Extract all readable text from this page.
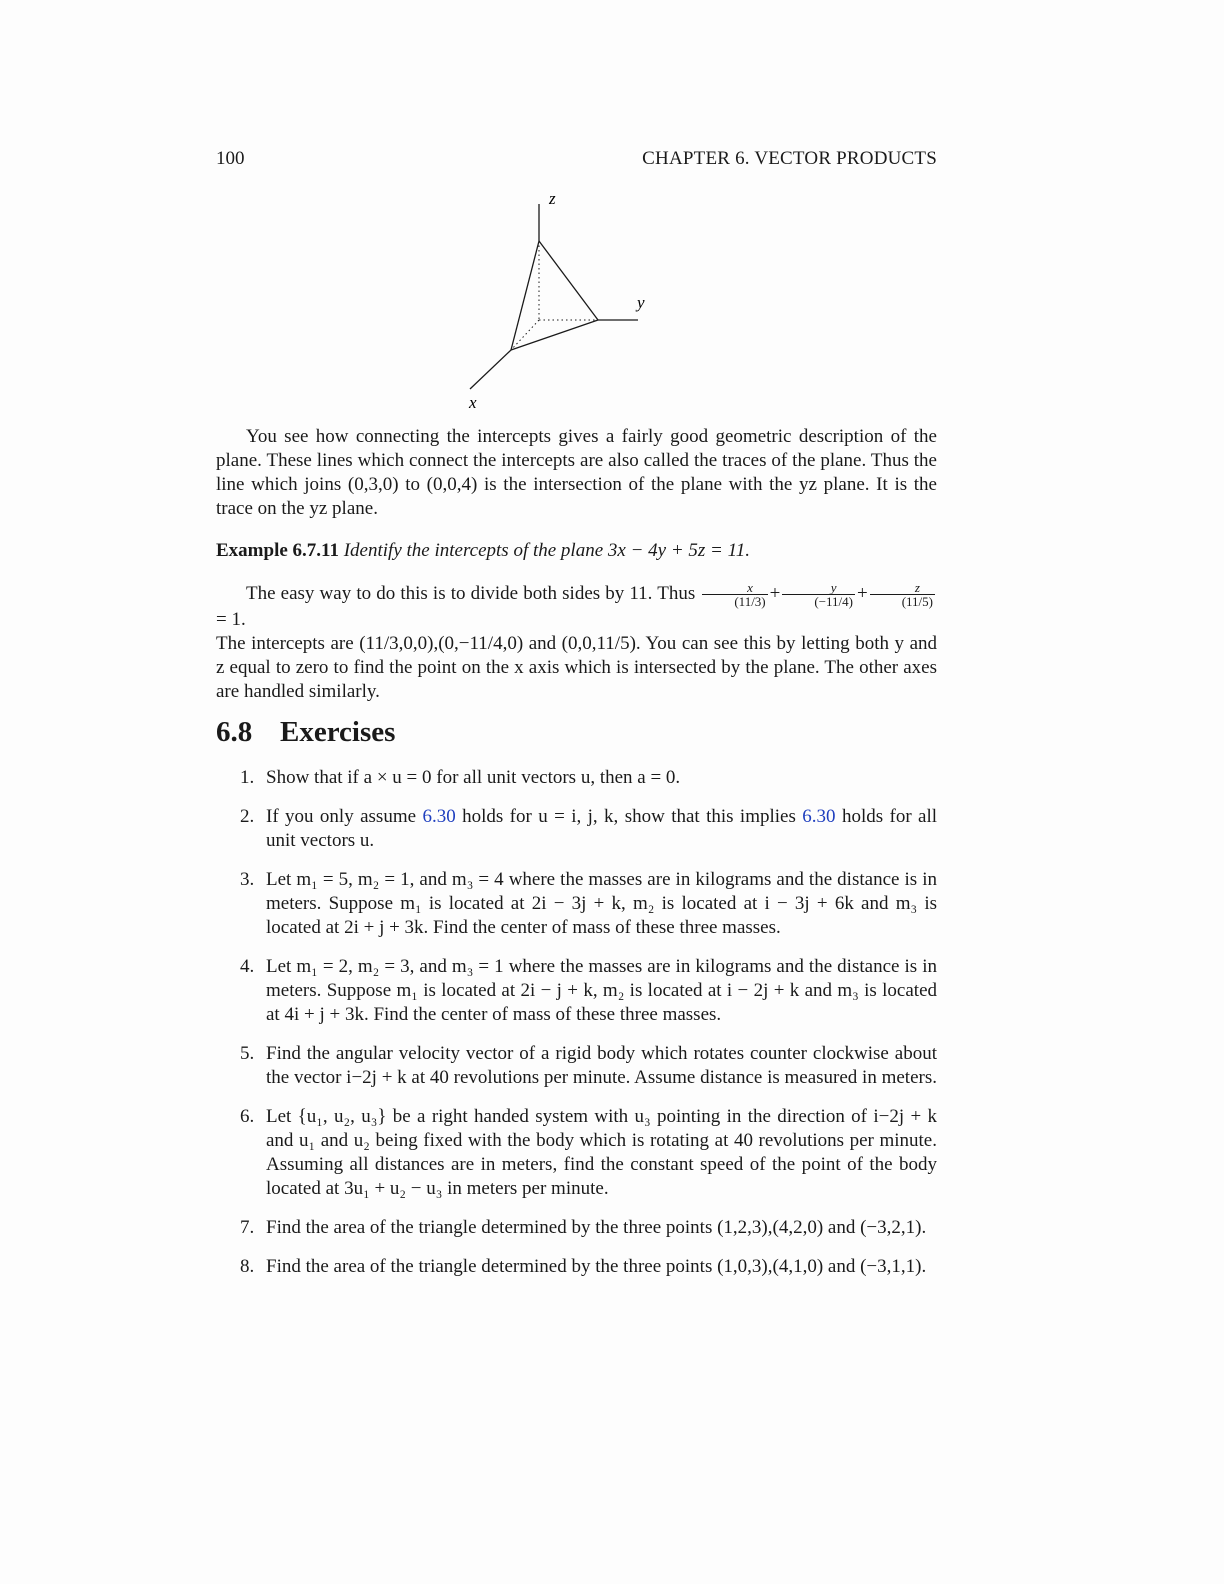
100	CHAPTER 6. VECTOR PRODUCTS
z
y
x
You see how connecting the intercepts gives a fairly good geometric description of the plane. These lines which connect the intercepts are also called the traces of the plane. Thus the line which joins (0,3,0) to (0,0,4) is the intersection of the plane with the yz plane. It is the trace on the yz plane.
Example 6.7.11 Identify the intercepts of the plane 3x − 4y + 5z = 11.
The easy way to do this is to divide both sides by 11. Thus $\frac{x}{(11/3)} + \frac{y}{(-11/4)} + \frac{z}{(11/5)}$
= 1.
The intercepts are (11/3,0,0),(0,−11/4,0) and (0,0,11/5). You can see this by letting both y and z equal to zero to find the point on the x axis which is intersected by the plane. The other axes are handled similarly.
6.8 Exercises
1. Show that if a × u = 0 for all unit vectors u, then a = 0.
2. If you only assume 6.30 holds for u = i, j, k, show that this implies 6.30 holds for all unit vectors u.
3. Let m₁ = 5, m₂ = 1, and m₃ = 4 where the masses are in kilograms and the distance is in meters. Suppose m₁ is located at 2i − 3j + k, m₂ is located at i − 3j + 6k and m₃ is located at 2i + j + 3k. Find the center of mass of these three masses.
4. Let m₁ = 2, m₂ = 3, and m₃ = 1 where the masses are in kilograms and the distance is in meters. Suppose m₁ is located at 2i − j + k, m₂ is located at i − 2j + k and m₃ is located at 4i + j + 3k. Find the center of mass of these three masses.
5. Find the angular velocity vector of a rigid body which rotates counter clockwise about the vector i−2j + k at 40 revolutions per minute. Assume distance is measured in meters.
6. Let {u₁, u₂, u₃} be a right handed system with u₃ pointing in the direction of i−2j + k and u₁ and u₂ being fixed with the body which is rotating at 40 revolutions per minute. Assuming all distances are in meters, find the constant speed of the point of the body located at 3u₁ + u₂ − u₃ in meters per minute.
7. Find the area of the triangle determined by the three points (1,2,3),(4,2,0) and (−3,2,1).
8. Find the area of the triangle determined by the three points (1,0,3),(4,1,0) and (−3,1,1).
